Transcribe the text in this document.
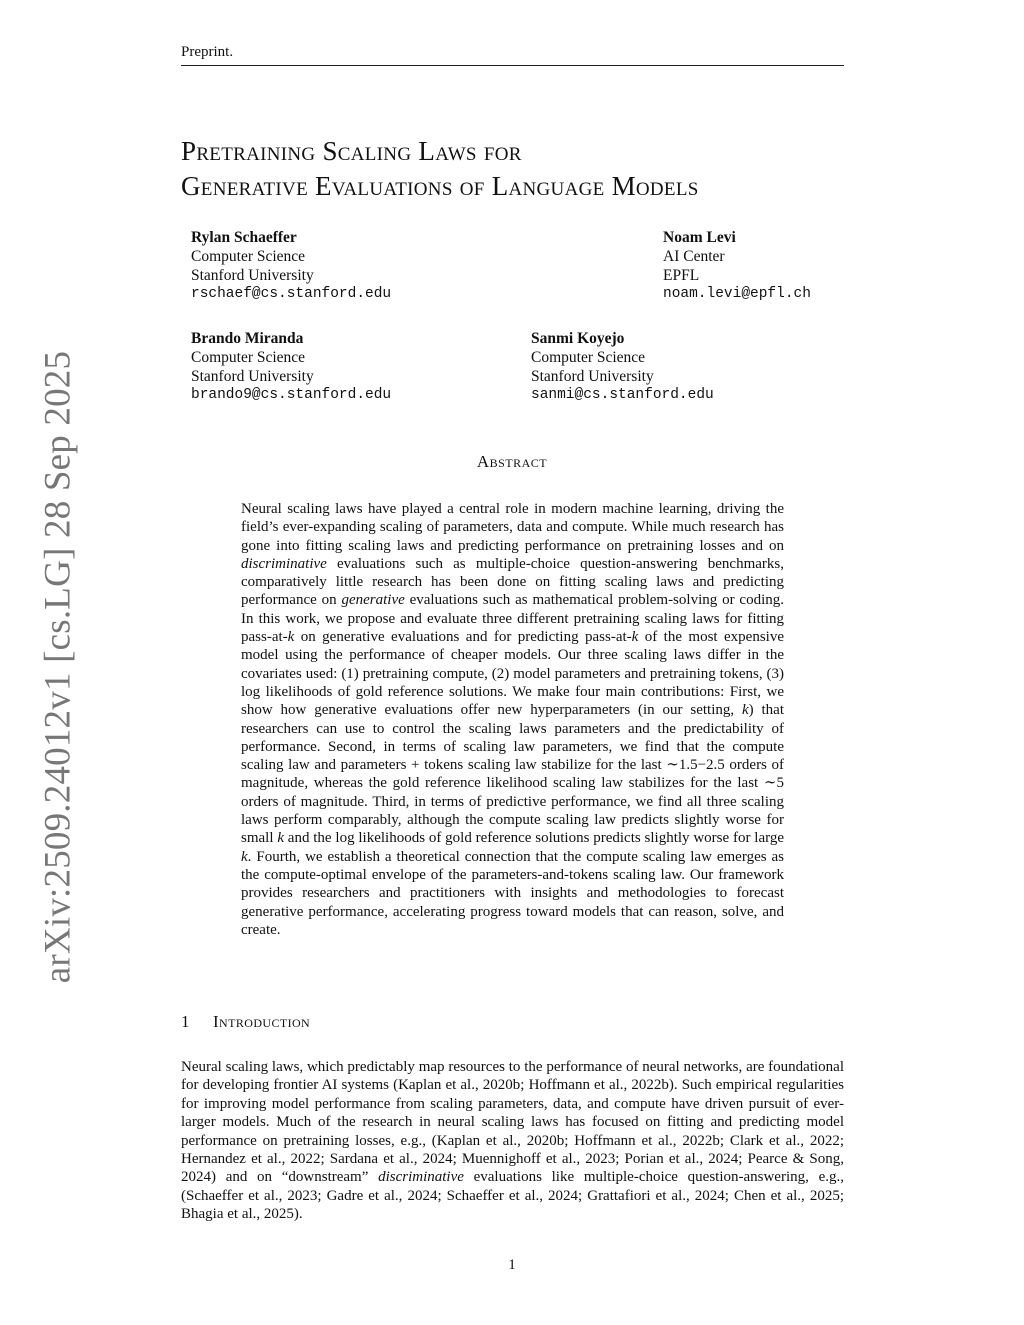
Preprint.
Pretraining Scaling Laws for
Generative Evaluations of Language Models
Rylan Schaeffer
Computer Science
Stanford University
rschaef@cs.stanford.edu
Noam Levi
AI Center
EPFL
noam.levi@epfl.ch
Brando Miranda
Computer Science
Stanford University
brando9@cs.stanford.edu
Sanmi Koyejo
Computer Science
Stanford University
sanmi@cs.stanford.edu
arXiv:2509.24012v1 [cs.LG] 28 Sep 2025	Abstract
Neural scaling laws have played a central role in modern machine learning, driving the field’s ever-expanding scaling of parameters, data and compute. While much research has gone into fitting scaling laws and predicting performance on pretraining losses and on discriminative evaluations such as multiple-choice question-answering benchmarks, comparatively little research has been done on fitting scaling laws and predicting performance on generative evaluations such as mathematical problem-solving or coding. In this work, we propose and evaluate three different pretraining scaling laws for fitting pass-at-k on generative evaluations and for predicting pass-at-k of the most expensive model using the performance of cheaper models. Our three scaling laws differ in the covariates used: (1) pretraining compute, (2) model parameters and pretraining tokens, (3) log likelihoods of gold reference solutions. We make four main contributions: First, we show how generative evaluations offer new hyperparameters (in our setting, k) that researchers can use to control the scaling laws parameters and the predictability of performance. Second, in terms of scaling law parameters, we find that the compute scaling law and parameters + tokens scaling law stabilize for the last ∼1.5−2.5 orders of magnitude, whereas the gold reference likelihood scaling law stabilizes for the last ∼5 orders of magnitude. Third, in terms of predictive performance, we find all three scaling laws perform comparably, although the compute scaling law predicts slightly worse for small k and the log likelihoods of gold reference solutions predicts slightly worse for large k. Fourth, we establish a theoretical connection that the compute scaling law emerges as the compute-optimal envelope of the parameters-and-tokens scaling law. Our framework provides researchers and practitioners with insights and methodologies to forecast generative performance, accelerating progress toward models that can reason, solve, and create.
1 Introduction
Neural scaling laws, which predictably map resources to the performance of neural networks, are foundational for developing frontier AI systems (Kaplan et al., 2020b; Hoffmann et al., 2022b). Such empirical regularities for improving model performance from scaling parameters, data, and compute have driven pursuit of ever-larger models. Much of the research in neural scaling laws has focused on fitting and predicting model performance on pretraining losses, e.g., (Kaplan et al., 2020b; Hoffmann et al., 2022b; Clark et al., 2022; Hernandez et al., 2022; Sardana et al., 2024; Muennighoff et al., 2023; Porian et al., 2024; Pearce & Song, 2024) and on “downstream” discriminative evaluations like multiple-choice question-answering, e.g., (Schaeffer et al., 2023; Gadre et al., 2024; Schaeffer et al., 2024; Grattafiori et al., 2024; Chen et al., 2025; Bhagia et al., 2025).
1
